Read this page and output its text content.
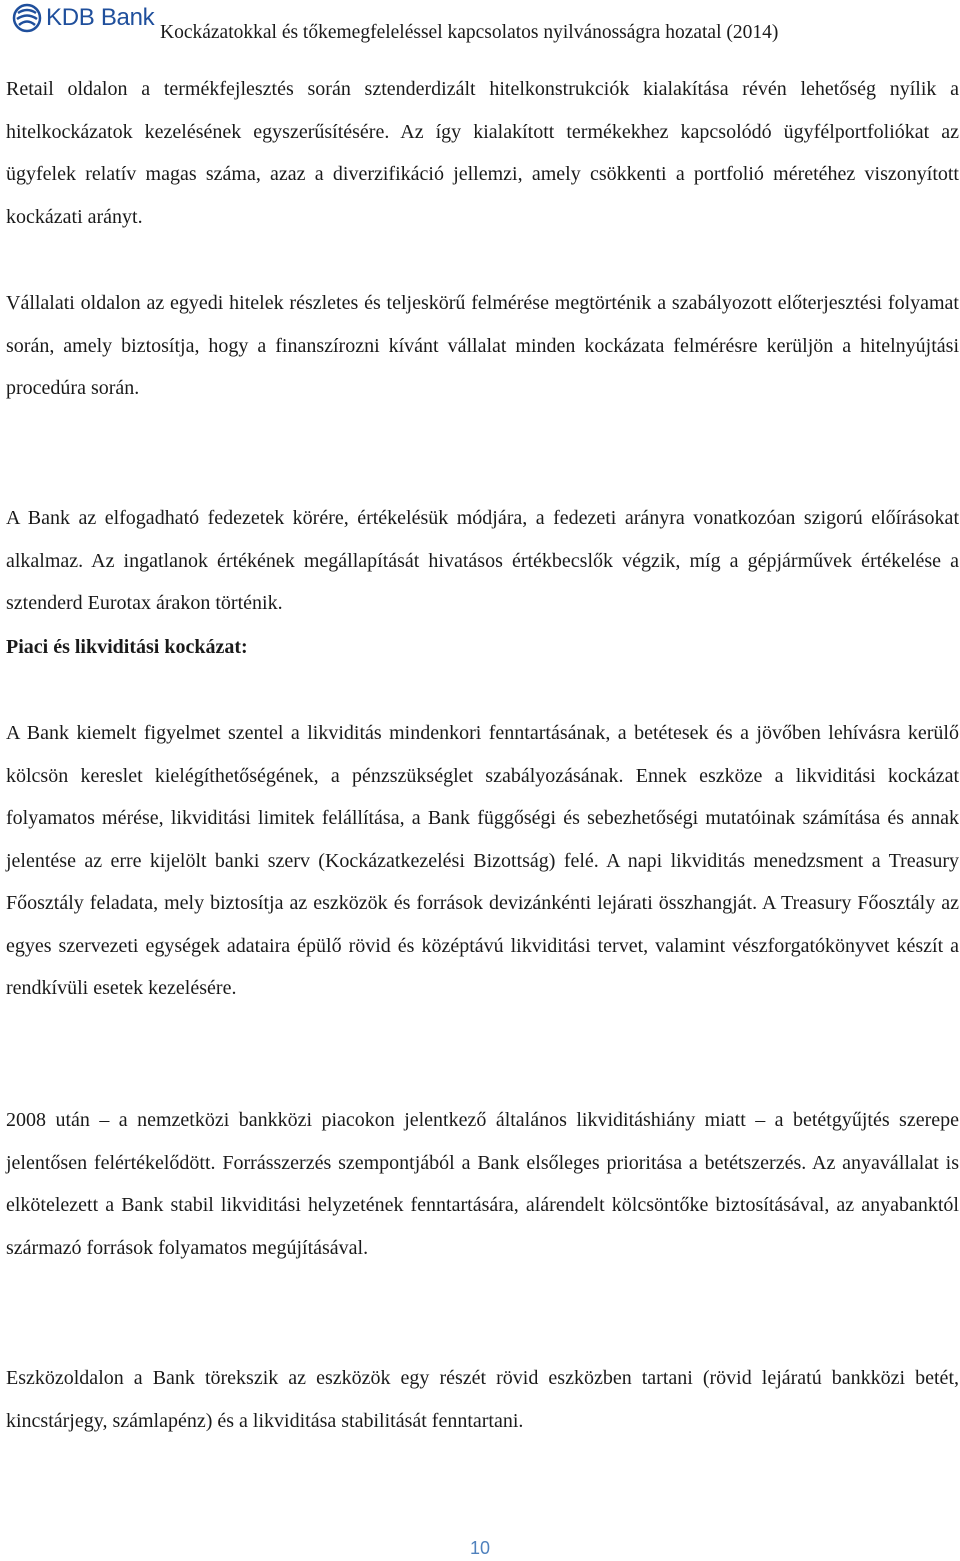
KDB Bank
Kockázatokkal és tőkemegfeleléssel kapcsolatos nyilvánosságra hozatal (2014)

Retail oldalon a termékfejlesztés során sztenderdizált hitelkonstrukciók kialakítása révén lehetőség nyílik a hitelkockázatok kezelésének egyszerűsítésére. Az így kialakított termékekhez kapcsolódó ügyfélportfoliókat az ügyfelek relatív magas száma, azaz a diverzifikáció jellemzi, amely csökkenti a portfolió méretéhez viszonyított kockázati arányt.

Vállalati oldalon az egyedi hitelek részletes és teljeskörű felmérése megtörténik a szabályozott előterjesztési folyamat során, amely biztosítja, hogy a finanszírozni kívánt vállalat minden kockázata felmérésre kerüljön a hitelnyújtási procedúra során.

A Bank az elfogadható fedezetek körére, értékelésük módjára, a fedezeti arányra vonatkozóan szigorú előírásokat alkalmaz. Az ingatlanok értékének megállapítását hivatásos értékbecslők végzik, míg a gépjárművek értékelése a sztenderd Eurotax árakon történik.

Piaci és likviditási kockázat:

A Bank kiemelt figyelmet szentel a likviditás mindenkori fenntartásának, a betétesek és a jövőben lehívásra kerülő kölcsön kereslet kielégíthetőségének, a pénzszükséglet szabályozásának. Ennek eszköze a likviditási kockázat folyamatos mérése, likviditási limitek felállítása, a Bank függőségi és sebezhetőségi mutatóinak számítása és annak jelentése az erre kijelölt banki szerv (Kockázatkezelési Bizottság) felé. A napi likviditás menedzsment a Treasury Főosztály feladata, mely biztosítja az eszközök és források devizánkénti lejárati összhangját. A Treasury Főosztály az egyes szervezeti egységek adataira épülő rövid és középtávú likviditási tervet, valamint vészforgatókönyvet készít a rendkívüli esetek kezelésére.

2008 után – a nemzetközi bankközi piacokon jelentkező általános likviditáshiány miatt – a betétgyűjtés szerepe jelentősen felértékelődött. Forrásszerzés szempontjából a Bank elsőleges prioritása a betétszerzés. Az anyavállalat is elkötelezett a Bank stabil likviditási helyzetének fenntartására, alárendelt kölcsöntőke biztosításával, az anyabanktól származó források folyamatos megújításával.

Eszközoldalon a Bank törekszik az eszközök egy részét rövid eszközben tartani (rövid lejáratú bankközi betét, kincstárjegy, számlapénz) és a likviditása stabilitását fenntartani.

10
